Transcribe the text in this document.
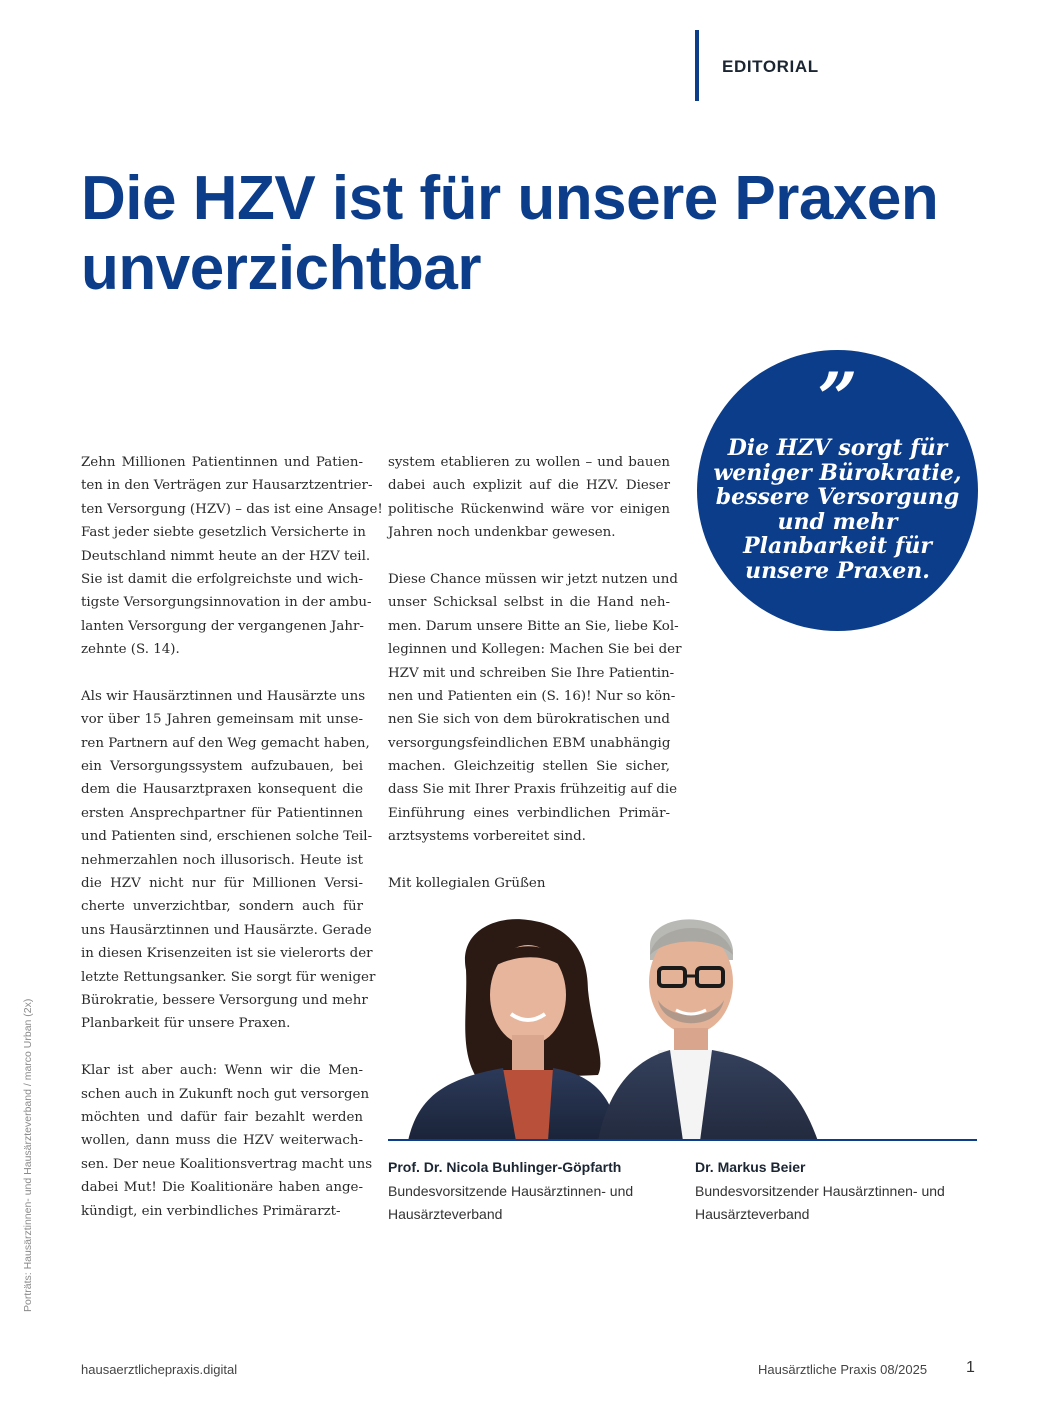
EDITORIAL
Die HZV ist für unsere Praxen
unverzichtbar
”
Die HZV sorgt für
weniger Bürokratie,
bessere Versorgung
und mehr
Planbarkeit für
unsere Praxen.
Zehn Millionen Patientinnen und Patien-
ten in den Verträgen zur Hausarztzentrier-
ten Versorgung (HZV) – das ist eine Ansage!
Fast jeder siebte gesetzlich Versicherte in
Deutschland nimmt heute an der HZV teil.
Sie ist damit die erfolgreichste und wich-
tigste Versorgungsinnovation in der ambu-
lanten Versorgung der vergangenen Jahr-
zehnte (S. 14).
Als wir Hausärztinnen und Hausärzte uns
vor über 15 Jahren gemeinsam mit unse-
ren Partnern auf den Weg gemacht haben,
ein Versorgungssystem aufzubauen, bei
dem die Hausarztpraxen konsequent die
ersten Ansprechpartner für Patientinnen
und Patienten sind, erschienen solche Teil-
nehmerzahlen noch illusorisch. Heute ist
die HZV nicht nur für Millionen Versi-
cherte unverzichtbar, sondern auch für
uns Hausärztinnen und Hausärzte. Gerade
in diesen Krisenzeiten ist sie vielerorts der
letzte Rettungsanker. Sie sorgt für weniger
Bürokratie, bessere Versorgung und mehr
Planbarkeit für unsere Praxen.
Klar ist aber auch: Wenn wir die Men-
schen auch in Zukunft noch gut versorgen
möchten und dafür fair bezahlt werden
wollen, dann muss die HZV weiterwach-
sen. Der neue Koalitionsvertrag macht uns
dabei Mut! Die Koalitionäre haben ange-
kündigt, ein verbindliches Primärarzt-
system etablieren zu wollen – und bauen
dabei auch explizit auf die HZV. Dieser
politische Rückenwind wäre vor einigen
Jahren noch undenkbar gewesen.
Diese Chance müssen wir jetzt nutzen und
unser Schicksal selbst in die Hand neh-
men. Darum unsere Bitte an Sie, liebe Kol-
leginnen und Kollegen: Machen Sie bei der
HZV mit und schreiben Sie Ihre Patientin-
nen und Patienten ein (S. 16)! Nur so kön-
nen Sie sich von dem bürokratischen und
versorgungsfeindlichen EBM unabhängig
machen. Gleichzeitig stellen Sie sicher,
dass Sie mit Ihrer Praxis frühzeitig auf die
Einführung eines verbindlichen Primär-
arztsystems vorbereitet sind.
Mit kollegialen Grüßen
Prof. Dr. Nicola Buhlinger-Göpfarth
Bundesvorsitzende Hausärztinnen- und
Hausärzteverband
Dr. Markus Beier
Bundesvorsitzender Hausärztinnen- und
Hausärzteverband
Porträts: Hausärztinnen- und Hausärzteverband / marco Urban (2x)
hausaerztlichepraxis.digital	Hausärztliche Praxis 08/2025 1
